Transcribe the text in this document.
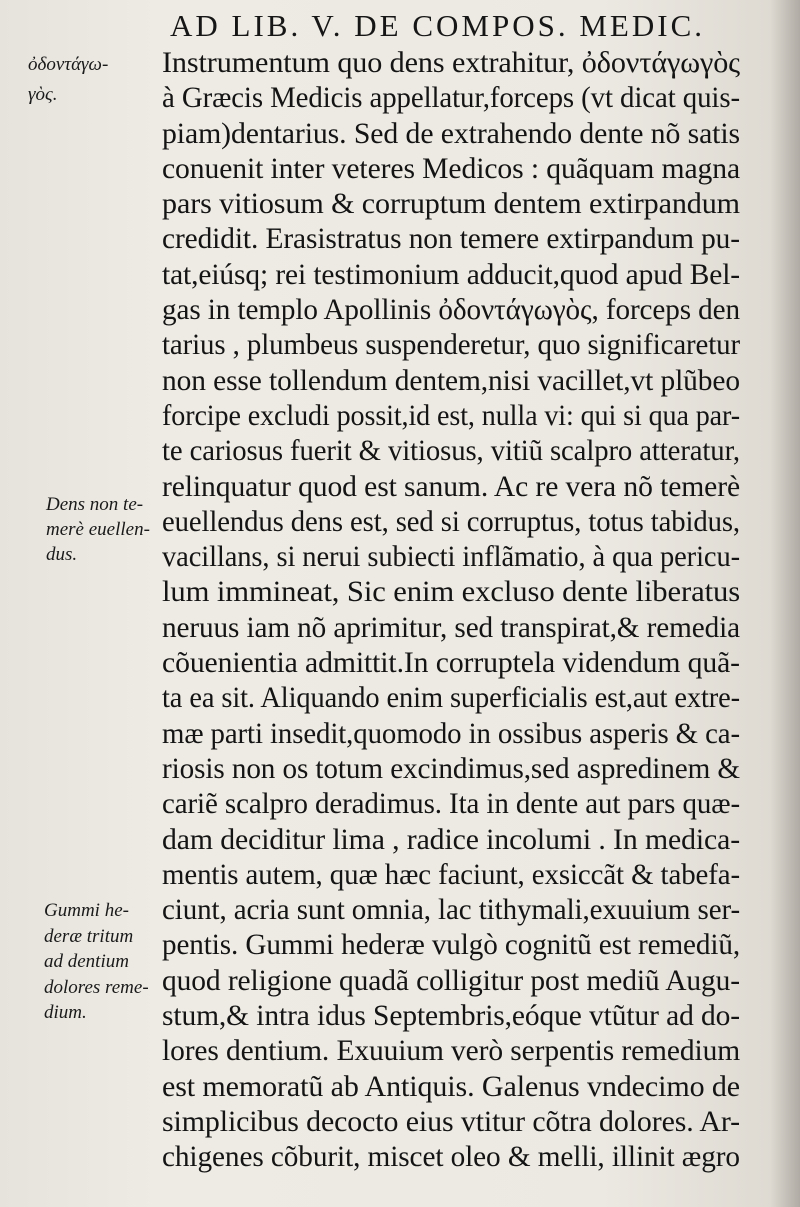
AD LIB. V. DE COMPOS. MEDIC.
ὀδοντάγω-
γὸς.
Dens non te-
merè euellen-
dus.
Gummi he-
deræ tritum
ad dentium
dolores reme-
dium.
Instrumentum quo dens extrahitur, ὀδοντάγωγὸς
à Græcis Medicis appellatur,forceps (vt dicat quis-
piam)dentarius. Sed de extrahendo dente nõ satis
conuenit inter veteres Medicos : quãquam magna
pars vitiosum & corruptum dentem extirpandum
credidit. Erasistratus non temere extirpandum pu-
tat,eiúsq; rei testimonium adducit,quod apud Bel-
gas in templo Apollinis ὀδοντάγωγὸς, forceps den
tarius , plumbeus suspenderetur, quo significaretur
non esse tollendum dentem,nisi vacillet,vt plũbeo
forcipe excludi possit,id est, nulla vi: qui si qua par-
te cariosus fuerit & vitiosus, vitiũ scalpro atteratur,
relinquatur quod est sanum. Ac re vera nõ temerè
euellendus dens est, sed si corruptus, totus tabidus,
vacillans, si nerui subiecti inflãmatio, à qua pericu-
lum immineat, Sic enim excluso dente liberatus
neruus iam nõ aprimitur, sed transpirat,& remedia
cõuenientia admittit.In corruptela videndum quã-
ta ea sit. Aliquando enim superficialis est,aut extre-
mæ parti insedit,quomodo in ossibus asperis & ca-
riosis non os totum excindimus,sed aspredinem &
cariẽ scalpro deradimus. Ita in dente aut pars quæ-
dam deciditur lima , radice incolumi . In medica-
mentis autem, quæ hæc faciunt, exsiccãt & tabefa-
ciunt, acria sunt omnia, lac tithymali,exuuium ser-
pentis. Gummi hederæ vulgò cognitũ est remediũ,
quod religione quadã colligitur post mediũ Augu-
stum,& intra idus Septembris,eóque vtũtur ad do-
lores dentium. Exuuium verò serpentis remedium
est memoratũ ab Antiquis. Galenus vndecimo de
simplicibus decocto eius vtitur cõtra dolores. Ar-
chigenes cõburit, miscet oleo & melli, illinit ægro
